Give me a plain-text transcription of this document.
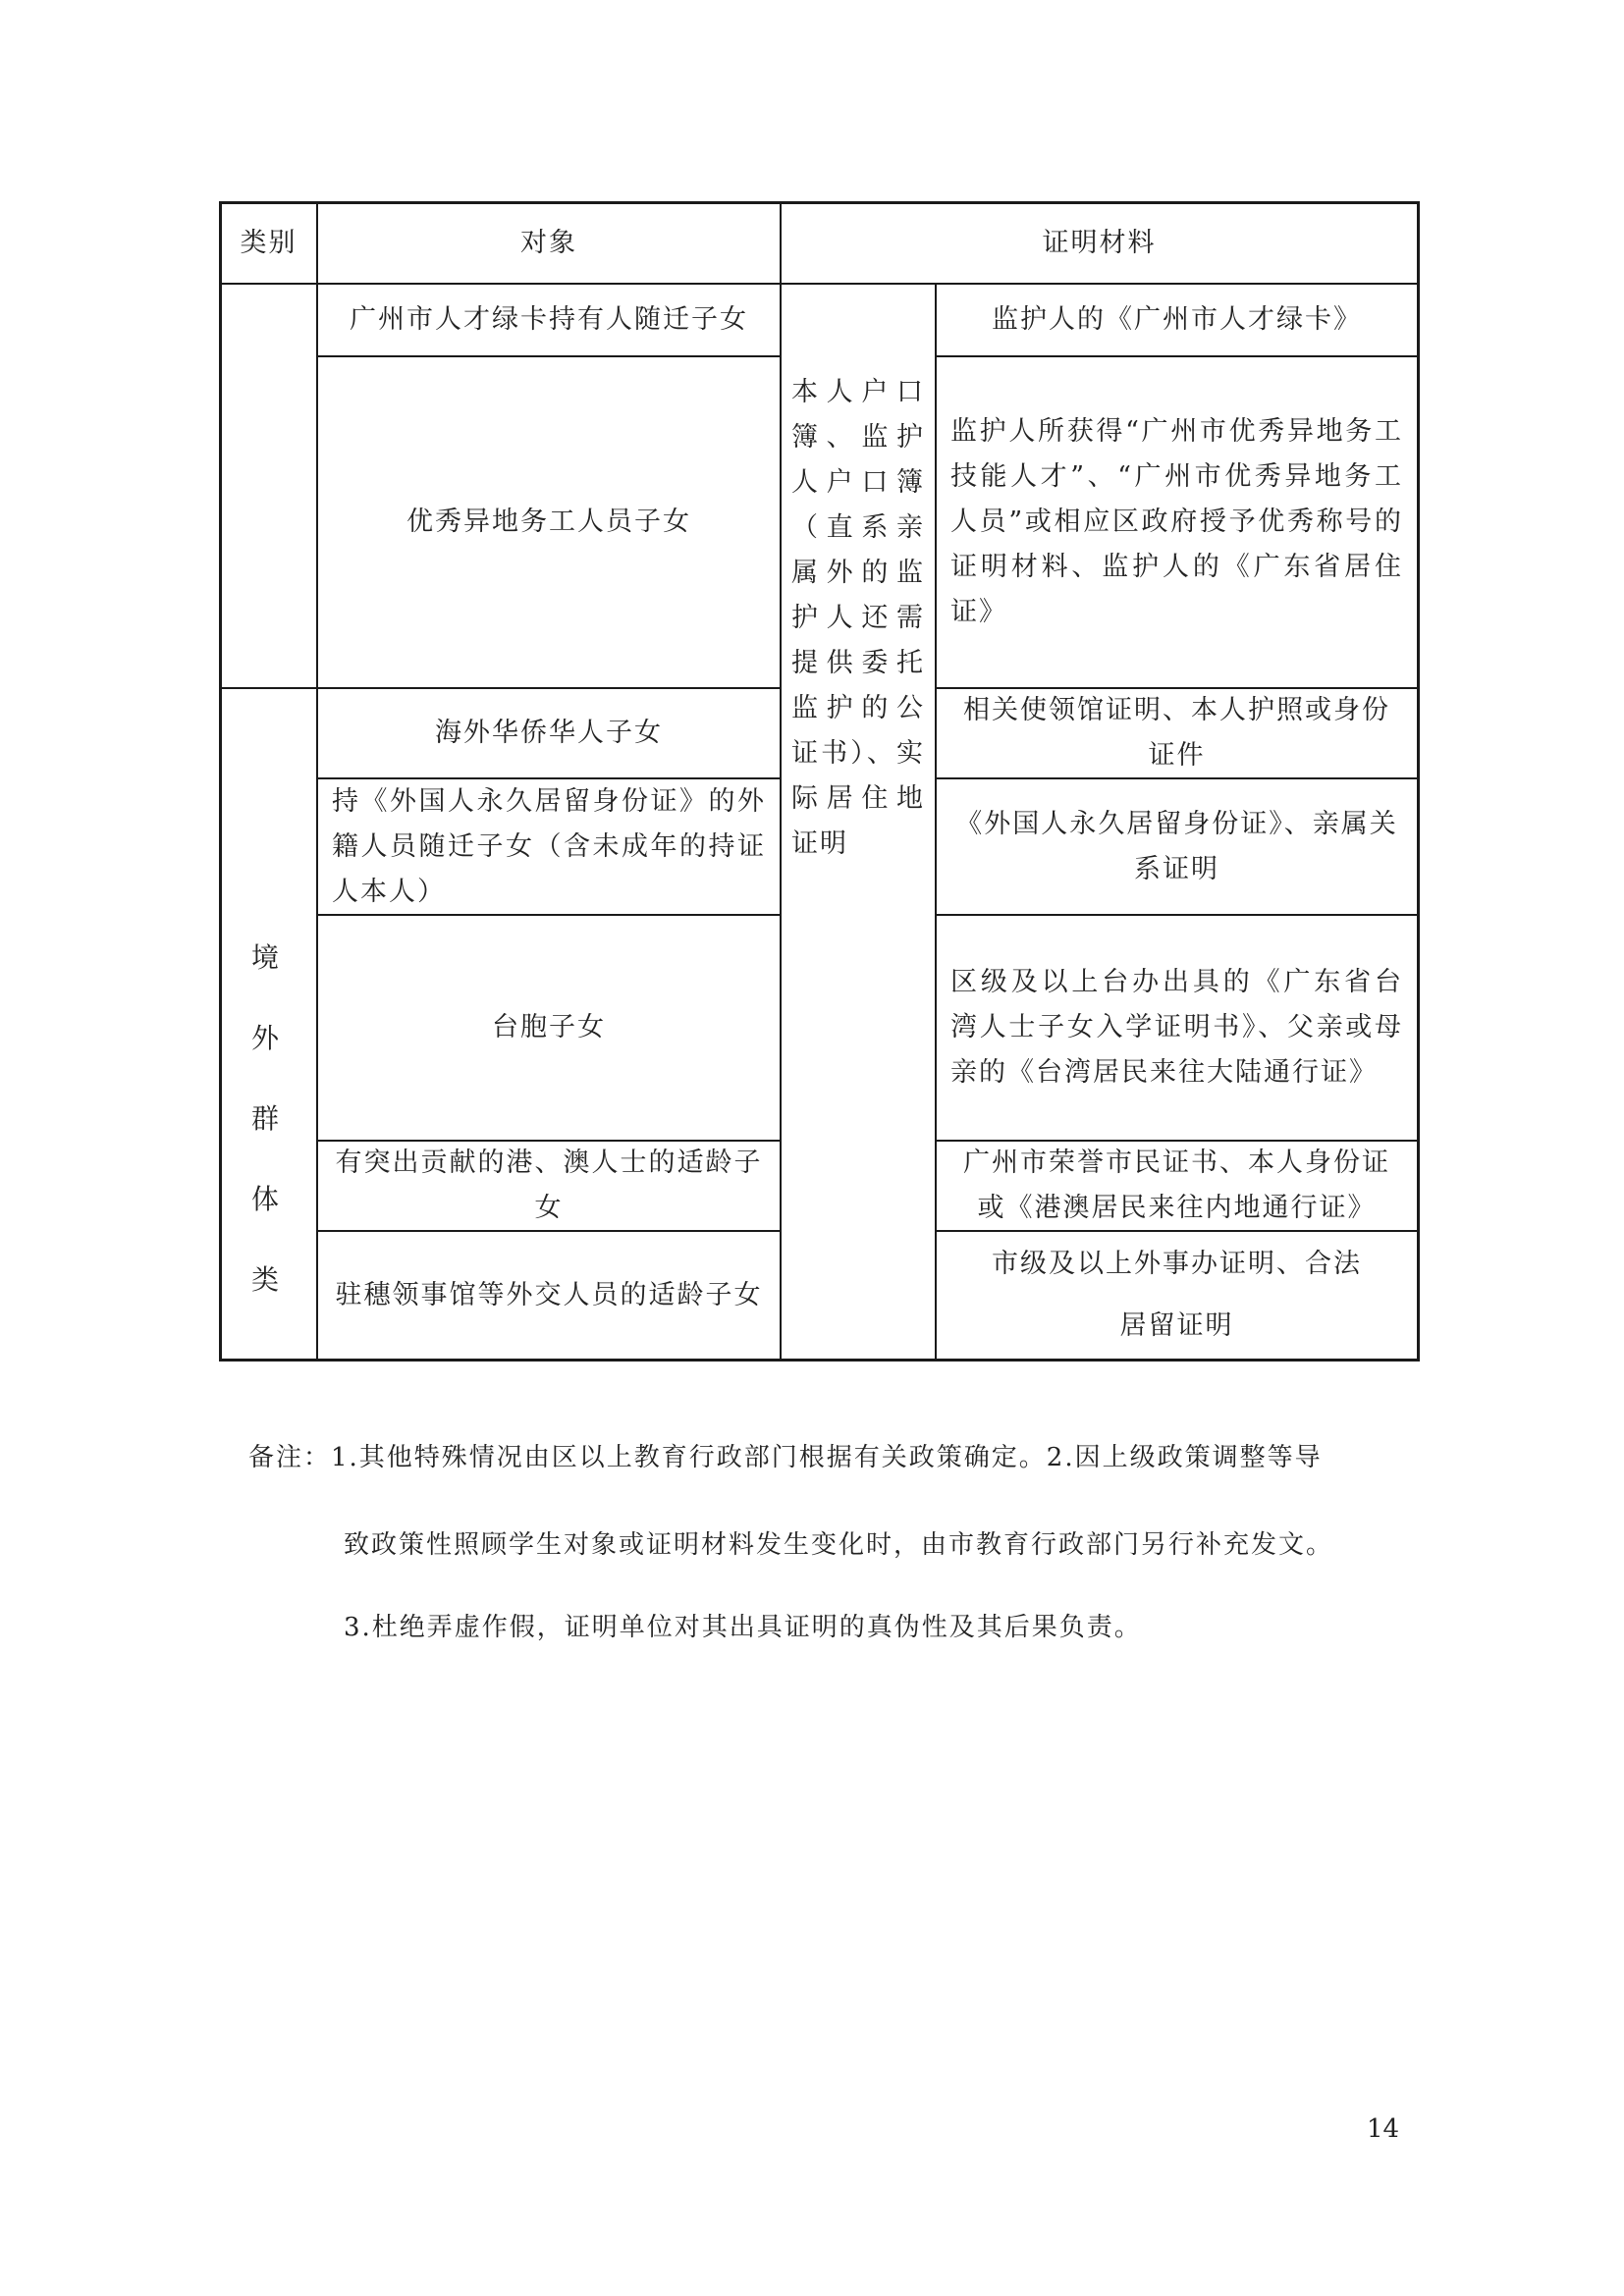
类别	对象	证明材料
境外群体类
本人户口簿、监护人户口簿（直系亲属外的监护人还需提供委托监护的公证书）、实际居住地证明
广州市人才绿卡持有人随迁子女
优秀异地务工人员子女
海外华侨华人子女
持《外国人永久居留身份证》的外籍人员随迁子女（含未成年的持证人本人）
台胞子女
有突出贡献的港、澳人士的适龄子女
驻穗领事馆等外交人员的适龄子女
监护人的《广州市人才绿卡》
监护人所获得“广州市优秀异地务工技能人才”、“广州市优秀异地务工人员”或相应区政府授予优秀称号的证明材料、监护人的《广东省居住证》
相关使领馆证明、本人护照或身份证件
《外国人永久居留身份证》、亲属关系证明
区级及以上台办出具的《广东省台湾人士子女入学证明书》、父亲或母亲的《台湾居民来往大陆通行证》
广州市荣誉市民证书、本人身份证或《港澳居民来往内地通行证》
市级及以上外事办证明、合法
居留证明
备注：1.其他特殊情况由区以上教育行政部门根据有关政策确定。2.因上级政策调整等导
致政策性照顾学生对象或证明材料发生变化时，由市教育行政部门另行补充发文。
3.杜绝弄虚作假，证明单位对其出具证明的真伪性及其后果负责。
14
